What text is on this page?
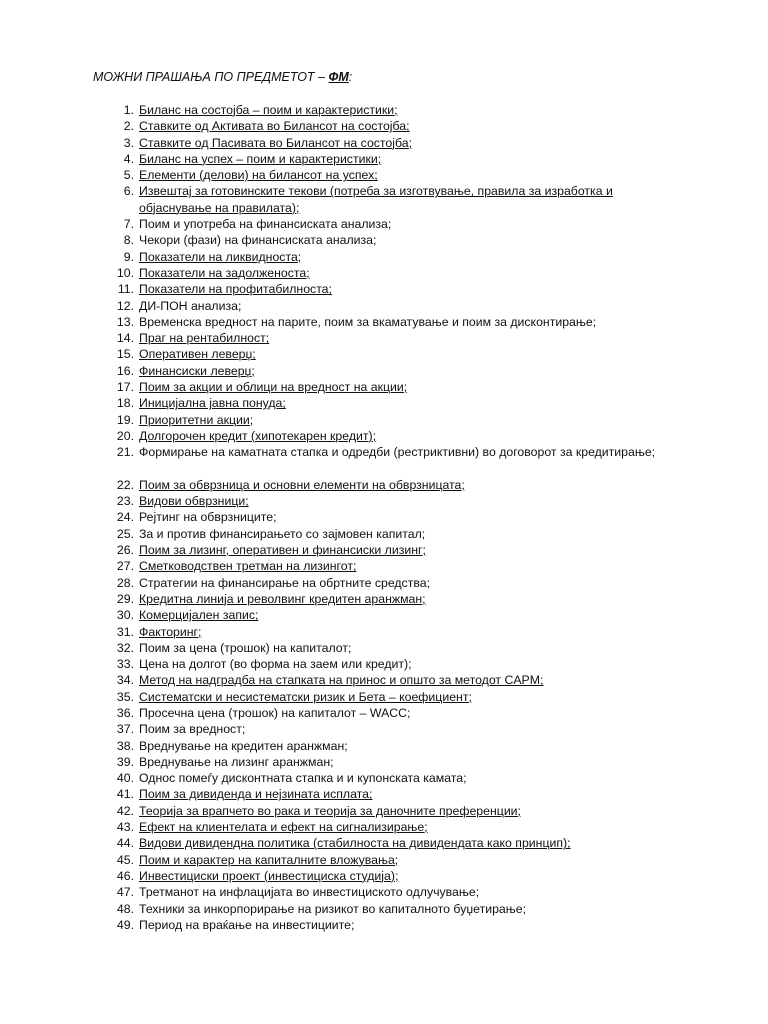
МОЖНИ ПРАШАЊА ПО ПРЕДМЕТОТ – ФМ:
1. Биланс на состојба – поим и карактеристики;
2. Ставките од Активата во Билансот на состојба;
3. Ставките од Пасивата во Билансот на состојба;
4. Биланс на успех – поим и карактеристики;
5. Елементи (делови) на билансот на успех;
6. Извештај за готовинските текови (потреба за изготвување, правила за изработка и објаснување на правилата);
7. Поим и употреба на финансиската анализа;
8. Чекори (фази) на финансиската анализа;
9. Показатели на ликвидноста;
10. Показатели на задолженоста;
11. Показатели на профитабилноста;
12. ДИ-ПОН анализа;
13. Временска вредност на парите, поим за вкаматување и поим за дисконтирање;
14. Праг на рентабилност;
15. Оперативен леверџ;
16. Финансиски леверџ;
17. Поим за акции и облици на вредност на акции;
18. Иницијална јавна понуда;
19. Приоритетни акции;
20. Долгорочен кредит (хипотекарен кредит);
21. Формирање на каматната стапка и одредби (рестриктивни) во договорот за кредитирање;
22. Поим за обврзница и основни елементи на обврзницата;
23. Видови обврзници;
24. Рејтинг на обврзниците;
25. За и против финансирањето со заjмовен капитал;
26. Поим за лизинг, оперативен и финансиски лизинг;
27. Сметководствен третман на лизингот;
28. Стратегии на финансирање на обртните средства;
29. Кредитна линија и револвинг кредитен аранжман;
30. Комерцијален запис;
31. Факторинг;
32. Поим за цена (трошок) на капиталот;
33. Цена на долгот (во форма на заем или кредит);
34. Метод на надградба на стапката на принос и општо за методот CAPM;
35. Систематски и несистематски ризик и Бета – коефициент;
36. Просечна цена (трошок) на капиталот – WACC;
37. Поим за вредност;
38. Вреднување на кредитен аранжман;
39. Вреднување на лизинг аранжман;
40. Однос помеѓу дисконтната стапка и и купонската камата;
41. Поим за дивиденда и нејзината исплата;
42. Теорија за врапчето во рака и теорија за даночните преференции;
43. Ефект на клиентелата и ефект на сигнализирање;
44. Видови дивидендна политика (стабилноста на дивидендата како принцип);
45. Поим и карактер на капиталните вложувања;
46. Инвестициски проект (инвестициска студија);
47. Третманот на инфлацијата во инвестициското одлучување;
48. Техники за инкорпорирање на ризикот во капиталното буџетирање;
49. Период на враќање на инвестициите;
